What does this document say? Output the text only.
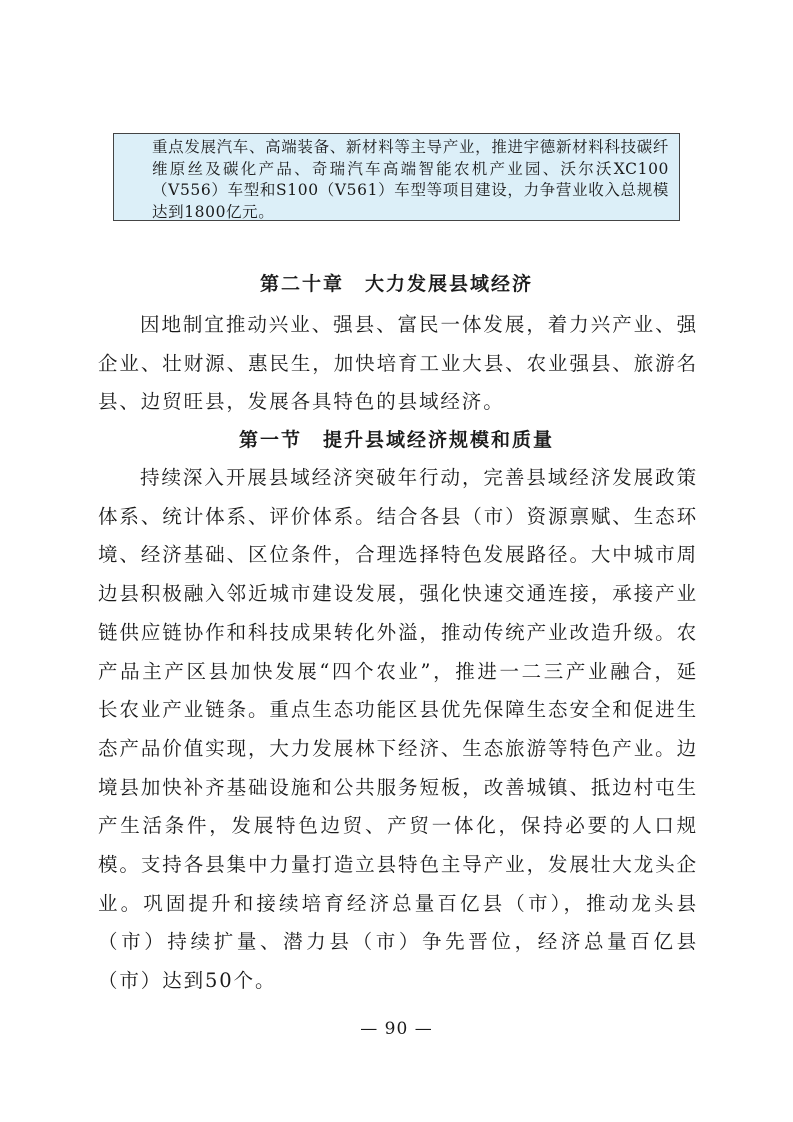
重点发展汽车、高端装备、新材料等主导产业，推进宇德新材料科技碳纤维原丝及碳化产品、奇瑞汽车高端智能农机产业园、沃尔沃XC100（V556）车型和S100（V561）车型等项目建设，力争营业收入总规模达到1800亿元。
第二十章　大力发展县域经济

因地制宜推动兴业、强县、富民一体发展，着力兴产业、强企业、壮财源、惠民生，加快培育工业大县、农业强县、旅游名县、边贸旺县，发展各具特色的县域经济。

第一节　提升县域经济规模和质量

持续深入开展县域经济突破年行动，完善县域经济发展政策体系、统计体系、评价体系。结合各县（市）资源禀赋、生态环境、经济基础、区位条件，合理选择特色发展路径。大中城市周边县积极融入邻近城市建设发展，强化快速交通连接，承接产业链供应链协作和科技成果转化外溢，推动传统产业改造升级。农产品主产区县加快发展“四个农业”，推进一二三产业融合，延长农业产业链条。重点生态功能区县优先保障生态安全和促进生态产品价值实现，大力发展林下经济、生态旅游等特色产业。边境县加快补齐基础设施和公共服务短板，改善城镇、抵边村屯生产生活条件，发展特色边贸、产贸一体化，保持必要的人口规模。支持各县集中力量打造立县特色主导产业，发展壮大龙头企业。巩固提升和接续培育经济总量百亿县（市），推动龙头县（市）持续扩量、潜力县（市）争先晋位，经济总量百亿县（市）达到50个。

— 90 —
